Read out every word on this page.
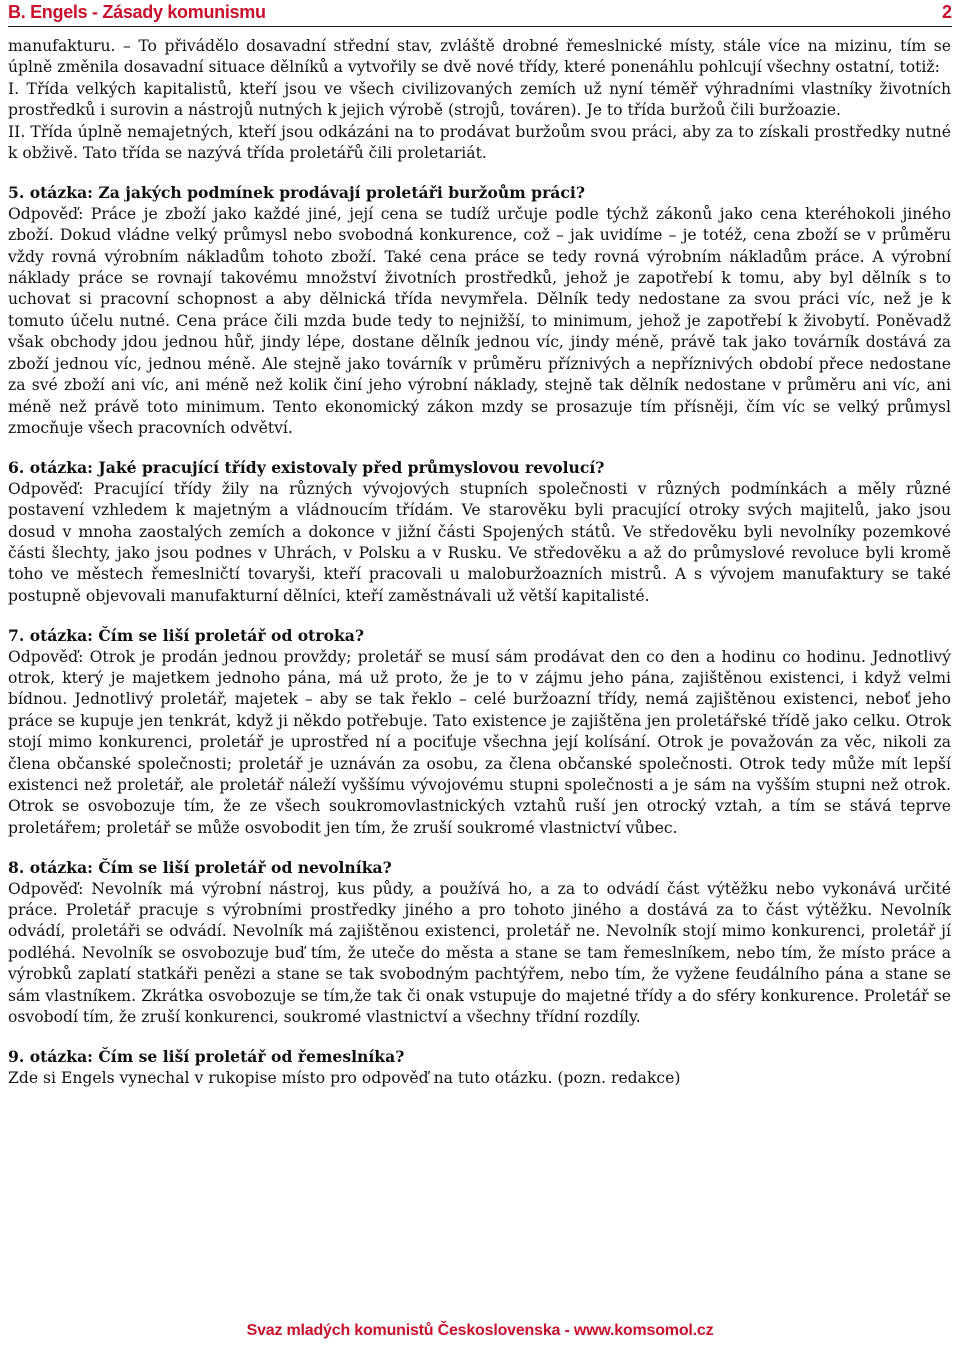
B. Engels - Zásady komunismu	2

manufakturu. – To přivádělo dosavadní střední stav, zvláště drobné řemeslnické místy, stále více na mizinu, tím se úplně změnila dosavadní situace dělníků a vytvořily se dvě nové třídy, které ponenáhlu pohlcují všechny ostatní, totiž:

I. Třída velkých kapitalistů, kteří jsou ve všech civilizovaných zemích už nyní téměř výhradními vlastníky životních prostředků i surovin a nástrojů nutných k jejich výrobě (strojů, továren). Je to třída buržoů čili buržoazie.

II. Třída úplně nemajetných, kteří jsou odkázáni na to prodávat buržoům svou práci, aby za to získali prostředky nutné k obživě. Tato třída se nazývá třída proletářů čili proletariát.

5. otázka: Za jakých podmínek prodávají proletáři buržoům práci?

Odpověď: Práce je zboží jako každé jiné, její cena se tudíž určuje podle týchž zákonů jako cena kteréhokoli jiného zboží. Dokud vládne velký průmysl nebo svobodná konkurence, což – jak uvidíme – je totéž, cena zboží se v průměru vždy rovná výrobním nákladům tohoto zboží. Také cena práce se tedy rovná výrobním nákladům práce. A výrobní náklady práce se rovnají takovému množství životních prostředků, jehož je zapotřebí k tomu, aby byl dělník s to uchovat si pracovní schopnost a aby dělnická třída nevymřela. Dělník tedy nedostane za svou práci víc, než je k tomuto účelu nutné. Cena práce čili mzda bude tedy to nejnižší, to minimum, jehož je zapotřebí k živobytí. Poněvadž však obchody jdou jednou hůř, jindy lépe, dostane dělník jednou víc, jindy méně, právě tak jako továrník dostává za zboží jednou víc, jednou méně. Ale stejně jako továrník v průměru příznivých a nepříznivých období přece nedostane za své zboží ani víc, ani méně než kolik činí jeho výrobní náklady, stejně tak dělník nedostane v průměru ani víc, ani méně než právě toto minimum. Tento ekonomický zákon mzdy se prosazuje tím přísněji, čím víc se velký průmysl zmocňuje všech pracovních odvětví.

6. otázka: Jaké pracující třídy existovaly před průmyslovou revolucí?

Odpověď: Pracující třídy žily na různých vývojových stupních společnosti v různých podmínkách a měly různé postavení vzhledem k majetným a vládnoucím třídám. Ve starověku byli pracující otroky svých majitelů, jako jsou dosud v mnoha zaostalých zemích a dokonce v jižní části Spojených států. Ve středověku byli nevolníky pozemkové části šlechty, jako jsou podnes v Uhrách, v Polsku a v Rusku. Ve středověku a až do průmyslové revoluce byli kromě toho ve městech řemeslničtí tovaryši, kteří pracovali u maloburžoazních mistrů. A s vývojem manufaktury se také postupně objevovali manufakturní dělníci, kteří zaměstnávali už větší kapitalisté.

7. otázka: Čím se liší proletář od otroka?

Odpověď: Otrok je prodán jednou provždy; proletář se musí sám prodávat den co den a hodinu co hodinu. Jednotlivý otrok, který je majetkem jednoho pána, má už proto, že je to v zájmu jeho pána, zajištěnou existenci, i když velmi bídnou. Jednotlivý proletář, majetek – aby se tak řeklo – celé buržoazní třídy, nemá zajištěnou existenci, neboť jeho práce se kupuje jen tenkrát, když ji někdo potřebuje. Tato existence je zajištěna jen proletářské třídě jako celku. Otrok stojí mimo konkurenci, proletář je uprostřed ní a pociťuje všechna její kolísání. Otrok je považován za věc, nikoli za člena občanské společnosti; proletář je uznáván za osobu, za člena občanské společnosti. Otrok tedy může mít lepší existenci než proletář, ale proletář náleží vyššímu vývojovému stupni společnosti a je sám na vyšším stupni než otrok. Otrok se osvobozuje tím, že ze všech soukromovlastnických vztahů ruší jen otrocký vztah, a tím se stává teprve proletářem; proletář se může osvobodit jen tím, že zruší soukromé vlastnictví vůbec.

8. otázka: Čím se liší proletář od nevolníka?

Odpověď: Nevolník má výrobní nástroj, kus půdy, a používá ho, a za to odvádí část výtěžku nebo vykonává určité práce. Proletář pracuje s výrobními prostředky jiného a pro tohoto jiného a dostává za to část výtěžku. Nevolník odvádí, proletáři se odvádí. Nevolník má zajištěnou existenci, proletář ne. Nevolník stojí mimo konkurenci, proletář jí podléhá. Nevolník se osvobozuje buď tím, že uteče do města a stane se tam řemeslníkem, nebo tím, že místo práce a výrobků zaplatí statkáři penězi a stane se tak svobodným pachtýřem, nebo tím, že vyžene feudálního pána a stane se sám vlastníkem. Zkrátka osvobozuje se tím,že tak či onak vstupuje do majetné třídy a do sféry konkurence. Proletář se osvobodí tím, že zruší konkurenci, soukromé vlastnictví a všechny třídní rozdíly.

9. otázka: Čím se liší proletář od řemeslníka?

Zde si Engels vynechal v rukopise místo pro odpověď na tuto otázku. (pozn. redakce)

Svaz mladých komunistů Československa - www.komsomol.cz
